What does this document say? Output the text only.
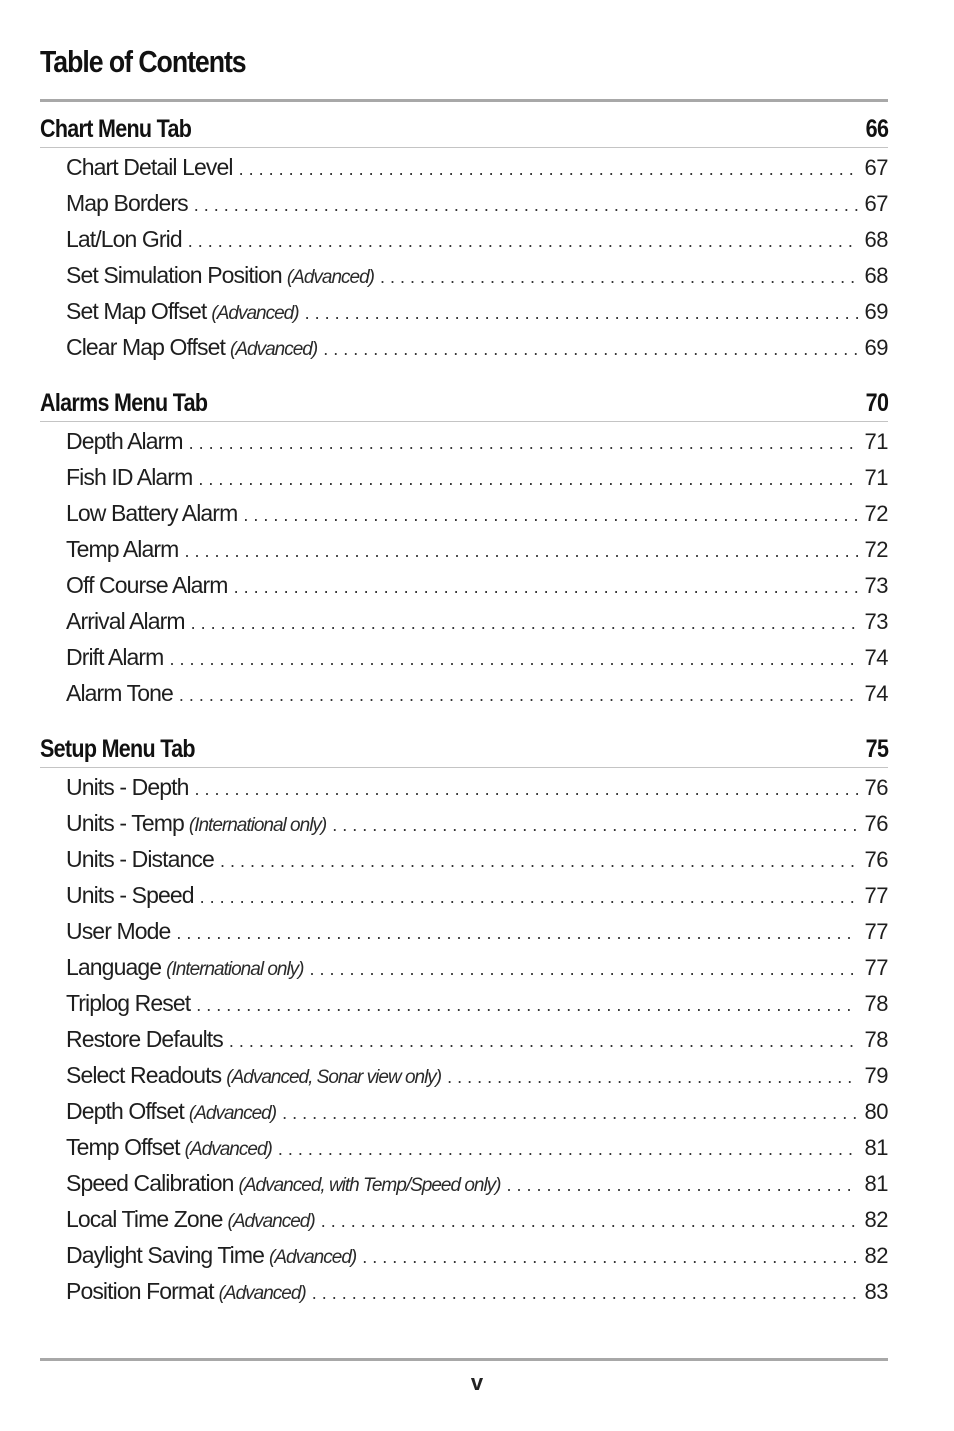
Table of Contents
Chart Menu Tab	66
Chart Detail Level . . .	67
Map Borders . . .	67
Lat/Lon Grid . . .	68
Set Simulation Position (Advanced) . . .	68
Set Map Offset (Advanced) . . .	69
Clear Map Offset (Advanced) . . .	69
Alarms Menu Tab	70
Depth Alarm . . .	71
Fish ID Alarm . . .	71
Low Battery Alarm . . .	72
Temp Alarm . . .	72
Off Course Alarm . . .	73
Arrival Alarm . . .	73
Drift Alarm . . .	74
Alarm Tone . . .	74
Setup Menu Tab	75
Units - Depth . . .	76
Units - Temp (International only) . . .	76
Units - Distance . . .	76
Units - Speed . . .	77
User Mode . . .	77
Language (International only) . . .	77
Triplog Reset . . .	78
Restore Defaults . . .	78
Select Readouts (Advanced, Sonar view only) . . .	79
Depth Offset (Advanced) . . .	80
Temp Offset (Advanced) . . .	81
Speed Calibration (Advanced, with Temp/Speed only) . . .	81
Local Time Zone (Advanced) . . .	82
Daylight Saving Time (Advanced) . . .	82
Position Format (Advanced) . . .	83
v
